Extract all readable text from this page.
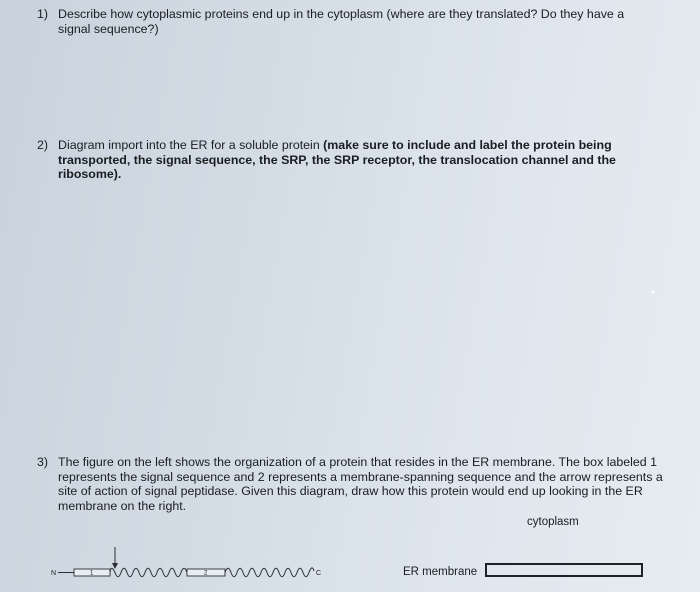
1) Describe how cytoplasmic proteins end up in the cytoplasm (where are they translated? Do they have a signal sequence?)
2) Diagram import into the ER for a soluble protein (make sure to include and label the protein being transported, the signal sequence, the SRP, the SRP receptor, the translocation channel and the ribosome).
3) The figure on the left shows the organization of a protein that resides in the ER membrane. The box labeled 1 represents the signal sequence and 2 represents a membrane-spanning sequence and the arrow represents a site of action of signal peptidase. Given this diagram, draw how this protein would end up looking in the ER membrane on the right.
cytoplasm
N	1	2	C	ER membrane
